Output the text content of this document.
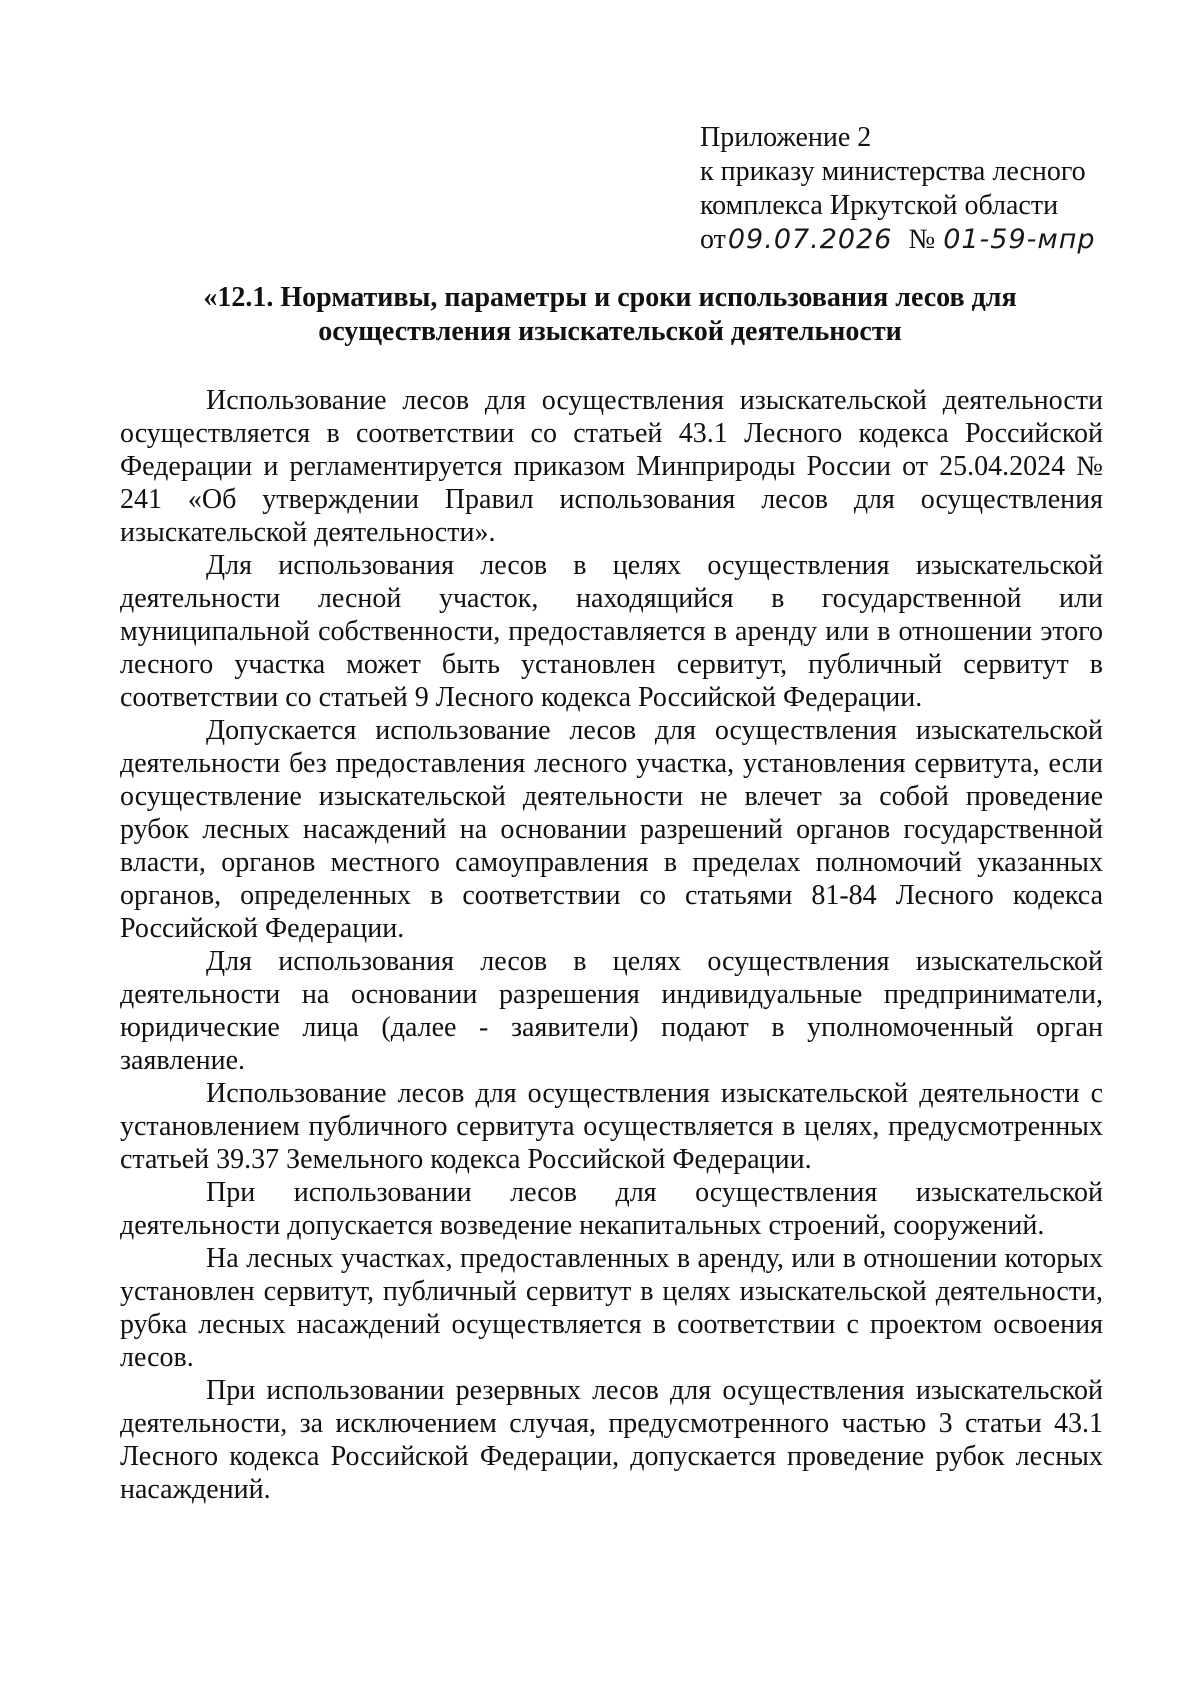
Приложение 2
к приказу министерства лесного
комплекса Иркутской области
от09.07.2026 № 01-59-мпр
«12.1. Нормативы, параметры и сроки использования лесов для осуществления изыскательской деятельности

Использование лесов для осуществления изыскательской деятельности осуществляется в соответствии со статьей 43.1 Лесного кодекса Российской Федерации и регламентируется приказом Минприроды России от 25.04.2024 № 241 «Об утверждении Правил использования лесов для осуществления изыскательской деятельности».

Для использования лесов в целях осуществления изыскательской деятельности лесной участок, находящийся в государственной или муниципальной собственности, предоставляется в аренду или в отношении этого лесного участка может быть установлен сервитут, публичный сервитут в соответствии со статьей 9 Лесного кодекса Российской Федерации.

Допускается использование лесов для осуществления изыскательской деятельности без предоставления лесного участка, установления сервитута, если осуществление изыскательской деятельности не влечет за собой проведение рубок лесных насаждений на основании разрешений органов государственной власти, органов местного самоуправления в пределах полномочий указанных органов, определенных в соответствии со статьями 81-84 Лесного кодекса Российской Федерации.

Для использования лесов в целях осуществления изыскательской деятельности на основании разрешения индивидуальные предприниматели, юридические лица (далее - заявители) подают в уполномоченный орган заявление.

Использование лесов для осуществления изыскательской деятельности с установлением публичного сервитута осуществляется в целях, предусмотренных статьей 39.37 Земельного кодекса Российской Федерации.

При использовании лесов для осуществления изыскательской деятельности допускается возведение некапитальных строений, сооружений.

На лесных участках, предоставленных в аренду, или в отношении которых установлен сервитут, публичный сервитут в целях изыскательской деятельности, рубка лесных насаждений осуществляется в соответствии с проектом освоения лесов.

При использовании резервных лесов для осуществления изыскательской деятельности, за исключением случая, предусмотренного частью 3 статьи 43.1 Лесного кодекса Российской Федерации, допускается проведение рубок лесных насаждений.
